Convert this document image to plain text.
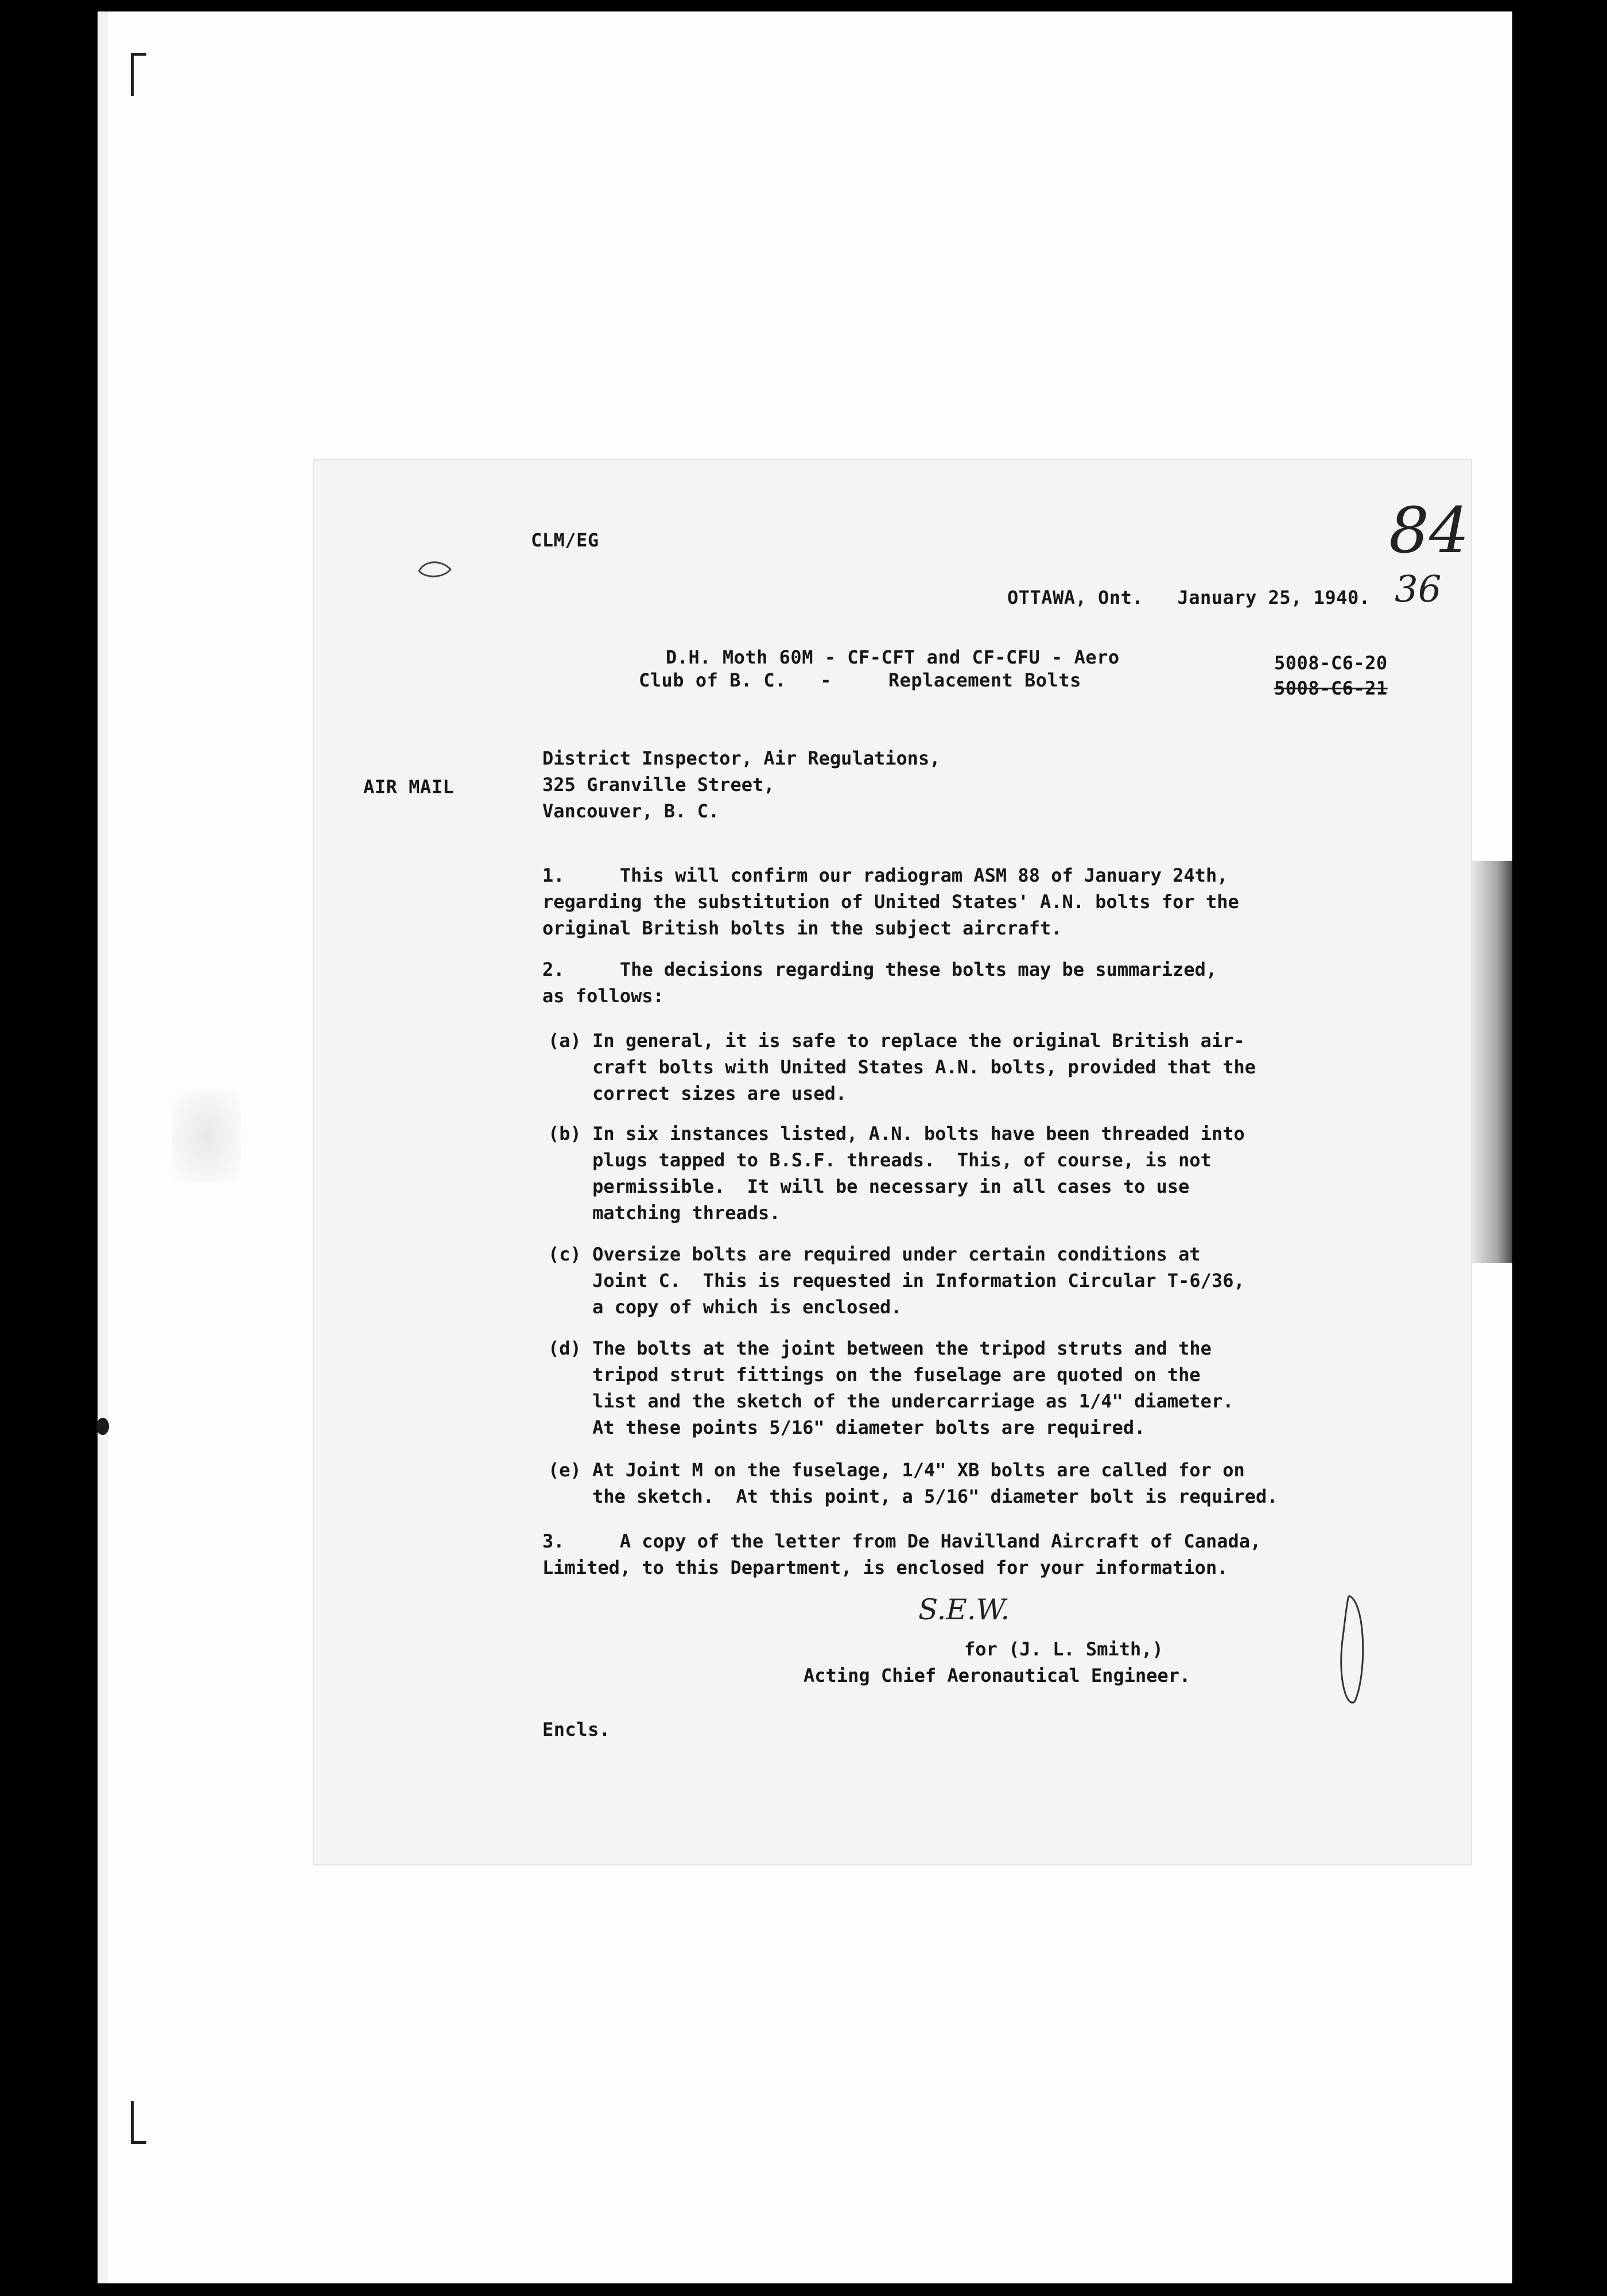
CLM/EG
OTTAWA, Ont.   January 25, 1940.
D.H. Moth 60M - CF-CFT and CF-CFU - Aero
Club of B. C.   -     Replacement Bolts
5008-C6-20
5008-C6-21
AIR MAIL
District Inspector, Air Regulations,
325 Granville Street,
Vancouver, B. C.
1.     This will confirm our radiogram ASM 88 of January 24th,
regarding the substitution of United States' A.N. bolts for the
original British bolts in the subject aircraft.
2.     The decisions regarding these bolts may be summarized,
as follows:
(a) In general, it is safe to replace the original British air-
craft bolts with United States A.N. bolts, provided that the
correct sizes are used.
(b) In six instances listed, A.N. bolts have been threaded into
plugs tapped to B.S.F. threads.  This, of course, is not
permissible.  It will be necessary in all cases to use
matching threads.
(c) Oversize bolts are required under certain conditions at
Joint C.  This is requested in Information Circular T-6/36,
a copy of which is enclosed.
(d) The bolts at the joint between the tripod struts and the
tripod strut fittings on the fuselage are quoted on the
list and the sketch of the undercarriage as 1/4" diameter.
At these points 5/16" diameter bolts are required.
(e) At Joint M on the fuselage, 1/4" XB bolts are called for on
the sketch.  At this point, a 5/16" diameter bolt is required.
3.     A copy of the letter from De Havilland Aircraft of Canada,
Limited, to this Department, is enclosed for your information.
S.E.W.
for (J. L. Smith,)
Acting Chief Aeronautical Engineer.
Encls.
84
36
